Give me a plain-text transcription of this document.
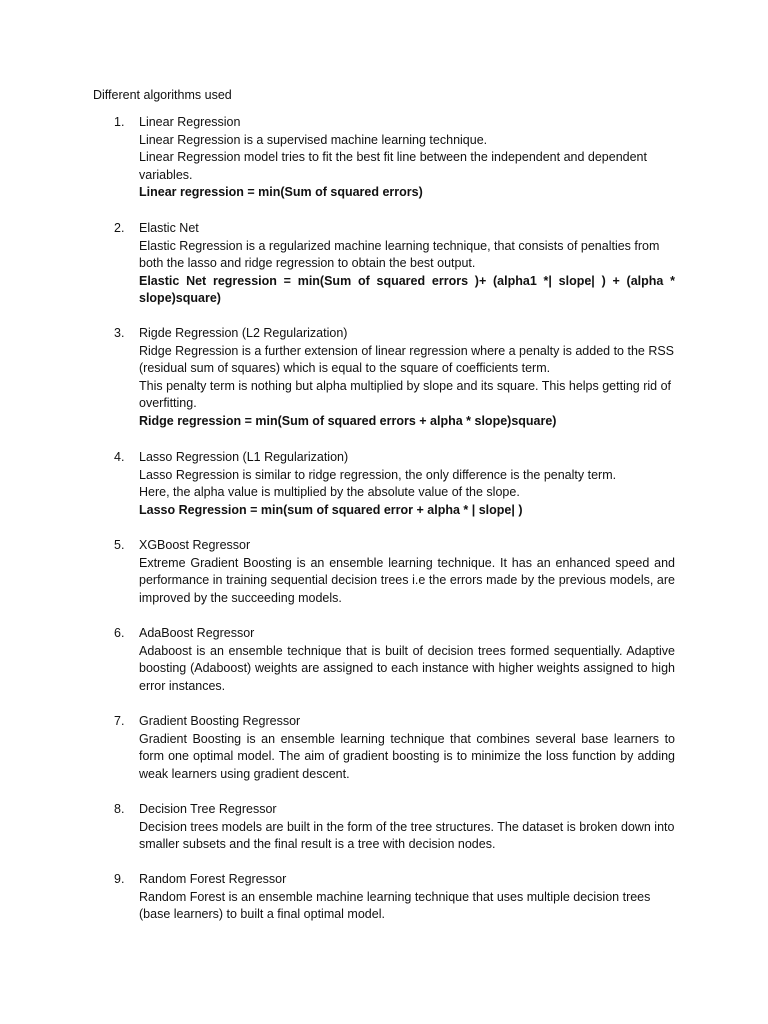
Different algorithms used
1. Linear Regression

Linear Regression is a supervised machine learning technique.

Linear Regression model tries to fit the best fit line between the independent and dependent variables.

Linear regression = min(Sum of squared errors)

2. Elastic Net

Elastic Regression is a regularized machine learning technique, that consists of penalties from both the lasso and ridge regression to obtain the best output.

Elastic Net regression = min(Sum of squared errors )+ (alpha1 *| slope| ) + (alpha * slope)square)

3. Rigde Regression (L2 Regularization)

Ridge Regression is a further extension of linear regression where a penalty is added to the RSS (residual sum of squares) which is equal to the square of coefficients term.

This penalty term is nothing but alpha multiplied by slope and its square. This helps getting rid of overfitting.

Ridge regression = min(Sum of squared errors + alpha * slope)square)

4. Lasso Regression (L1 Regularization)

Lasso Regression is similar to ridge regression, the only difference is the penalty term.

Here, the alpha value is multiplied by the absolute value of the slope.

Lasso Regression = min(sum of squared error + alpha * | slope| )

5. XGBoost Regressor

Extreme Gradient Boosting is an ensemble learning technique. It has an enhanced speed and performance in training sequential decision trees i.e the errors made by the previous models, are improved by the succeeding models.

6. AdaBoost Regressor

Adaboost is an ensemble technique that is built of decision trees formed sequentially. Adaptive boosting (Adaboost) weights are assigned to each instance with higher weights assigned to high error instances.

7. Gradient Boosting Regressor

Gradient Boosting is an ensemble learning technique that combines several base learners to form one optimal model. The aim of gradient boosting is to minimize the loss function by adding weak learners using gradient descent.

8. Decision Tree Regressor

Decision trees models are built in the form of the tree structures. The dataset is broken down into smaller subsets and the final result is a tree with decision nodes.

9. Random Forest Regressor

Random Forest is an ensemble machine learning technique that uses multiple decision trees (base learners) to built a final optimal model.
